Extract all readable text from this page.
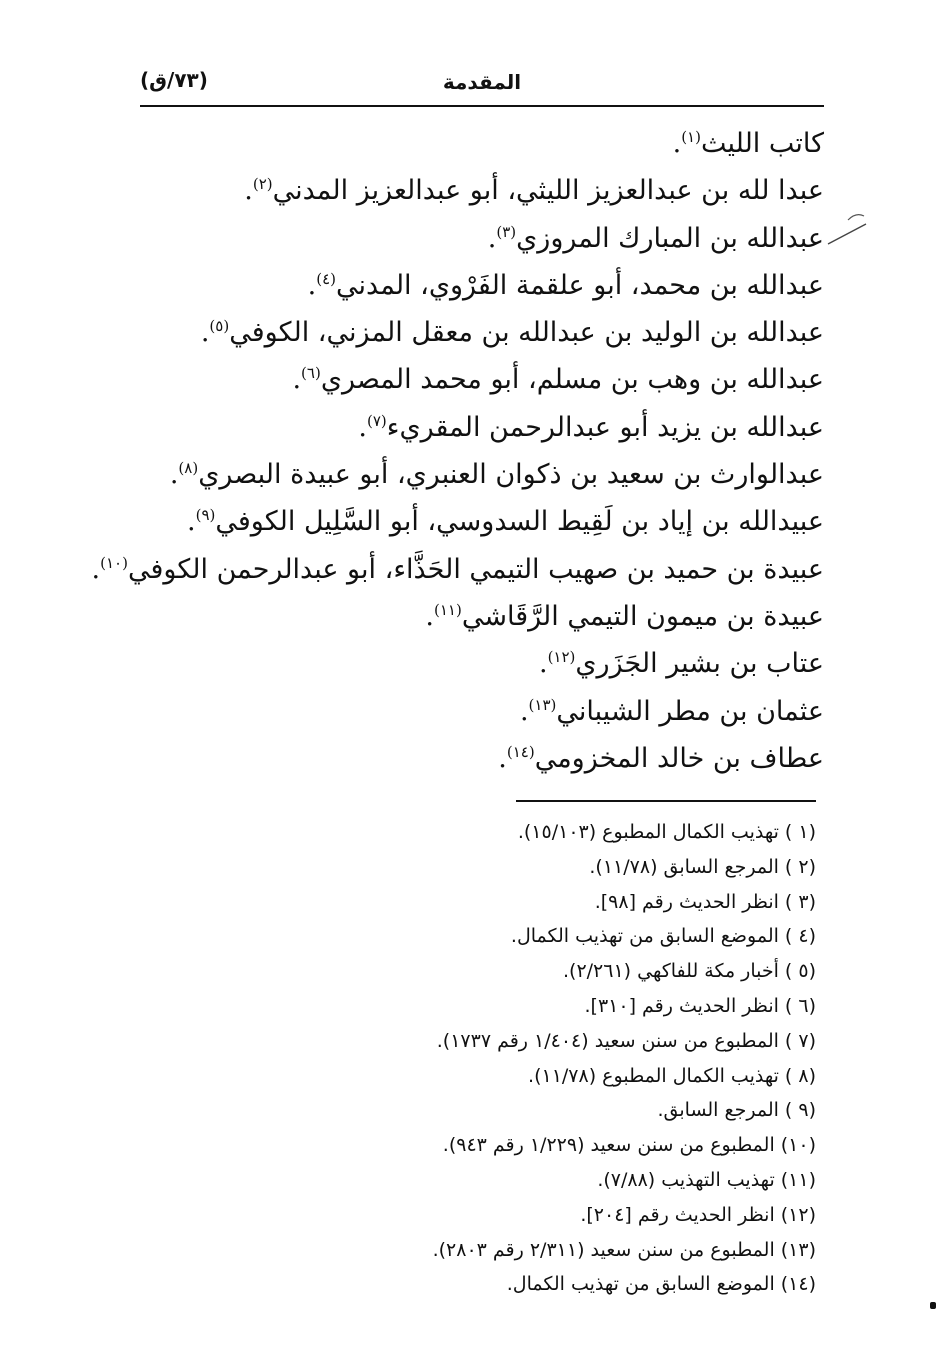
المقدمة
(٧٣/ق)
كاتب الليث$^{(١)}$.
عبدا لله بن عبدالعزيز الليثي، أبو عبدالعزيز المدني$^{(٢)}$.
عبدالله بن المبارك المروزي$^{(٣)}$.
عبدالله بن محمد، أبو علقمة الفَرْوي، المدني$^{(٤)}$.
عبدالله بن الوليد بن عبدالله بن معقل المزني، الكوفي$^{(٥)}$.
عبدالله بن وهب بن مسلم، أبو محمد المصري$^{(٦)}$.
عبدالله بن يزيد أبو عبدالرحمن المقريء$^{(٧)}$.
عبدالوارث بن سعيد بن ذكوان العنبري، أبو عبيدة البصري$^{(٨)}$.
عبيدالله بن إياد بن لَقِيط السدوسي، أبو السَّلِيل الكوفي$^{(٩)}$.
عبيدة بن حميد بن صهيب التيمي الحَذَّاء، أبو عبدالرحمن الكوفي$^{(١٠)}$.
عبيدة بن ميمون التيمي الرَّقَاشي$^{(١١)}$.
عتاب بن بشير الجَزَري$^{(١٢)}$.
عثمان بن مطر الشيباني$^{(١٣)}$.
عطاف بن خالد المخزومي$^{(١٤)}$.
(١ )تهذيب الكمال المطبوع (١٥/١٠٣).
(٢ )المرجع السابق (١١/٧٨).
(٣ )انظر الحديث رقم [٩٨].
(٤ )الموضع السابق من تهذيب الكمال.
(٥ )أخبار مكة للفاكهي (٢/٢٦١).
(٦ )انظر الحديث رقم [٣١٠].
(٧ )المطبوع من سنن سعيد (١/٤٠٤ رقم ١٧٣٧).
(٨ )تهذيب الكمال المطبوع (١١/٧٨).
(٩ )المرجع السابق.
(١٠)المطبوع من سنن سعيد (١/٢٢٩ رقم ٩٤٣).
(١١)تهذيب التهذيب (٧/٨٨).
(١٢)انظر الحديث رقم [٢٠٤].
(١٣)المطبوع من سنن سعيد (٢/٣١١ رقم ٢٨٠٣).
(١٤)الموضع السابق من تهذيب الكمال.
